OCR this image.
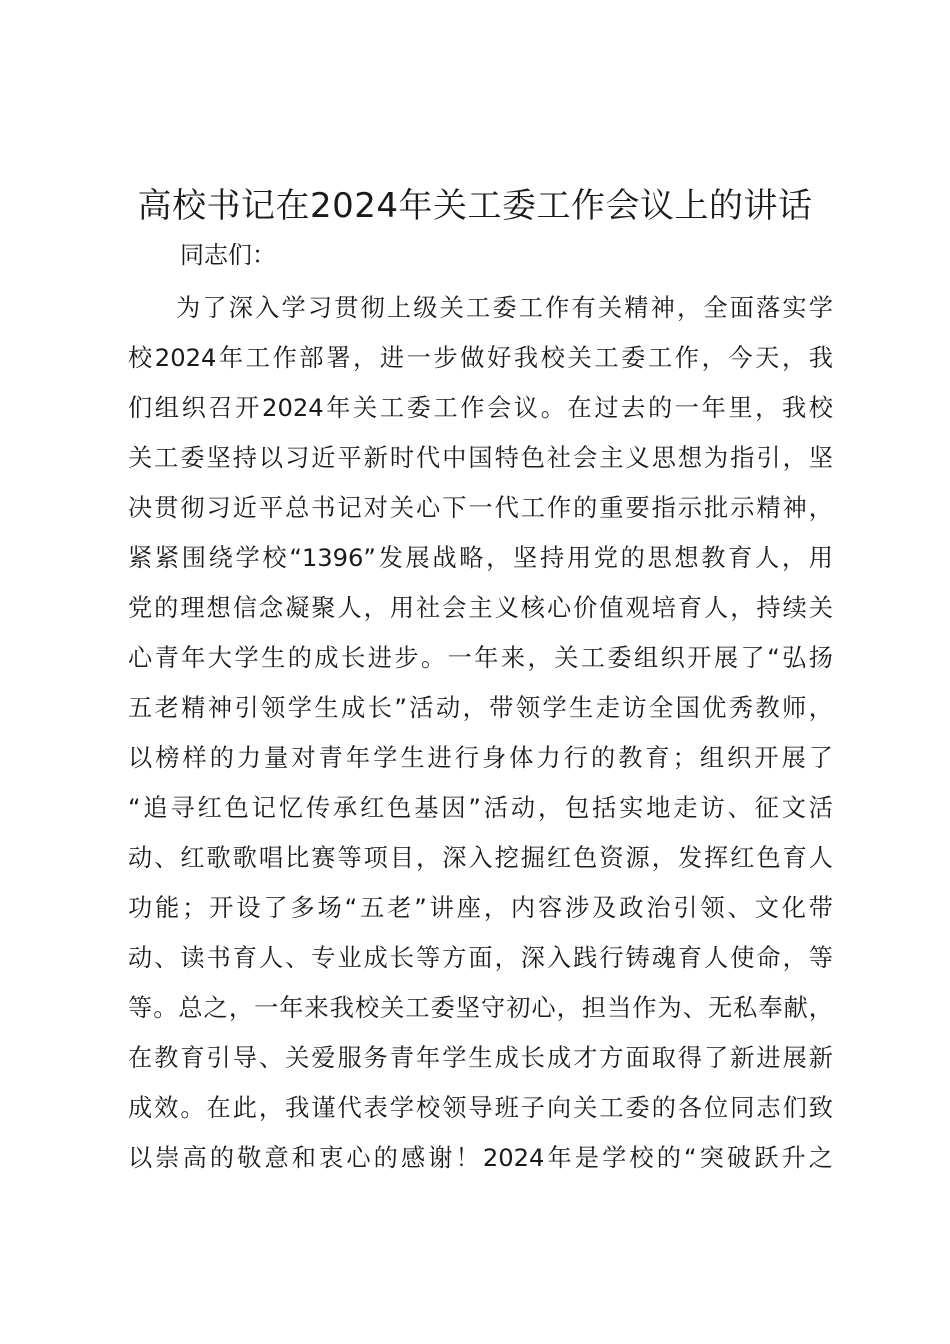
高校书记在2024年关工委工作会议上的讲话

同志们：

为了深入学习贯彻上级关工委工作有关精神，全面落实学
校2024年工作部署，进一步做好我校关工委工作，今天，我
们组织召开2024年关工委工作会议。在过去的一年里，我校
关工委坚持以习近平新时代中国特色社会主义思想为指引，坚
决贯彻习近平总书记对关心下一代工作的重要指示批示精神，
紧紧围绕学校“1396”发展战略，坚持用党的思想教育人，用
党的理想信念凝聚人，用社会主义核心价值观培育人，持续关
心青年大学生的成长进步。一年来，关工委组织开展了“弘扬
五老精神引领学生成长”活动，带领学生走访全国优秀教师，
以榜样的力量对青年学生进行身体力行的教育；组织开展了
“追寻红色记忆传承红色基因”活动，包括实地走访、征文活
动、红歌歌唱比赛等项目，深入挖掘红色资源，发挥红色育人
功能；开设了多场“五老”讲座，内容涉及政治引领、文化带
动、读书育人、专业成长等方面，深入践行铸魂育人使命，等
等。总之，一年来我校关工委坚守初心，担当作为、无私奉献，
在教育引导、关爱服务青年学生成长成才方面取得了新进展新
成效。在此，我谨代表学校领导班子向关工委的各位同志们致
以崇高的敬意和衷心的感谢！2024年是学校的“突破跃升之
